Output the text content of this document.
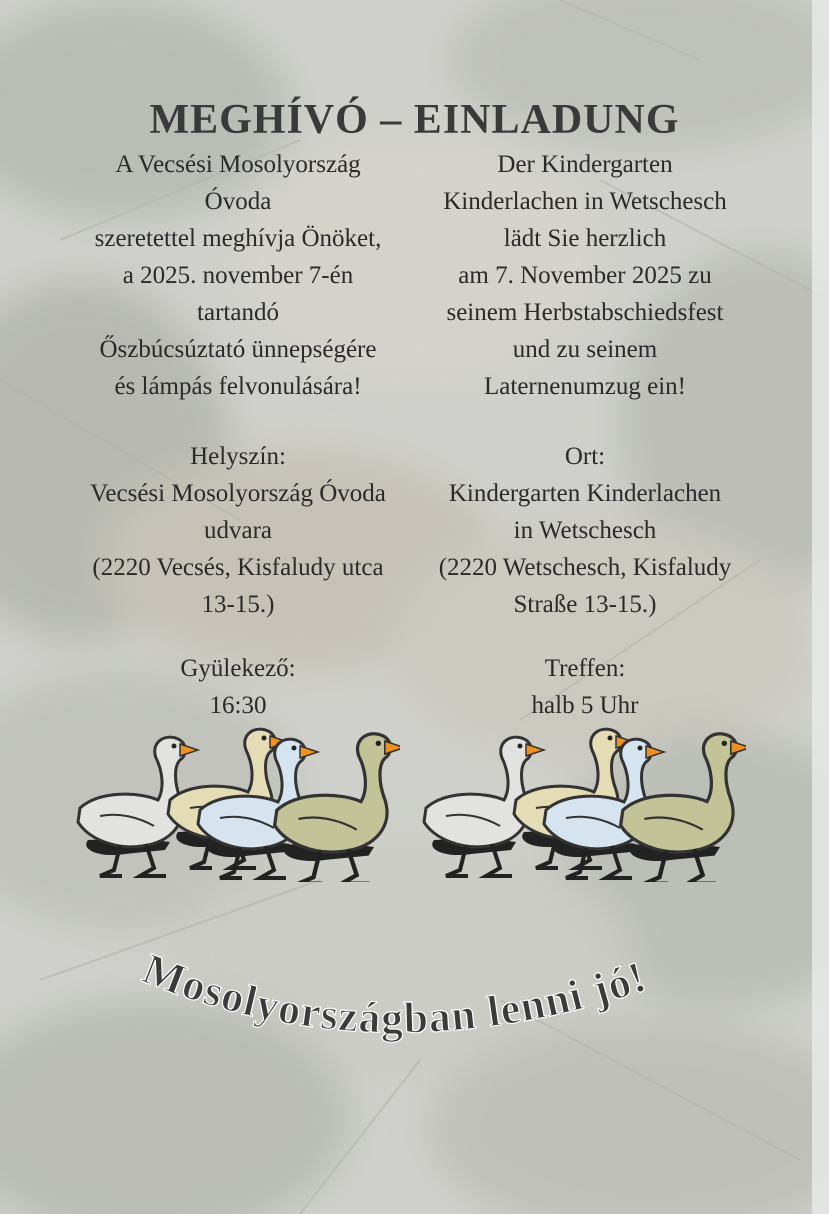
MEGHÍVÓ – EINLADUNG
A Vecsési Mosolyország
Óvoda
szeretettel meghívja Önöket,
a 2025. november 7-én
tartandó
Őszbúcsúztató ünnepségére
és lámpás felvonulására!
Der Kindergarten
Kinderlachen in Wetschesch
lädt Sie herzlich
am 7. November 2025 zu
seinem Herbstabschiedsfest
und zu seinem
Laternenumzug ein!
Helyszín:
Vecsési Mosolyország Óvoda
udvara
(2220 Vecsés, Kisfaludy utca
13-15.)
Ort:
Kindergarten Kinderlachen
in Wetschesch
(2220 Wetschesch, Kisfaludy
Straße 13-15.)
Gyülekező:
16:30
Treffen:
halb 5 Uhr
Mosolyországban lenni jó!
